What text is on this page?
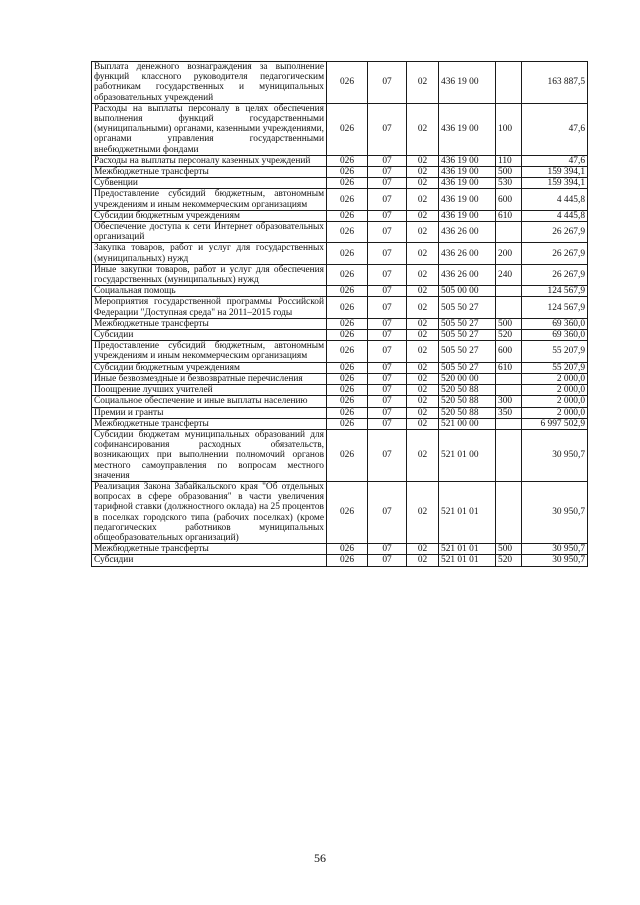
Выплата денежного вознаграждения за выполнение функций классного руководителя педагогическим работникам государственных и муниципальных образовательных учреждений	026	07	02	436 19 00		163 887,5
Расходы на выплаты персоналу в целях обеспечения выполнения функций государственными (муниципальными) органами, казенными учреждениями, органами управления государственными внебюджетными фондами	026	07	02	436 19 00	100	47,6
Расходы на выплаты персоналу казенных учреждений	026	07	02	436 19 00	110	47,6
Межбюджетные трансферты	026	07	02	436 19 00	500	159 394,1
Субвенции	026	07	02	436 19 00	530	159 394,1
Предоставление субсидий бюджетным, автономным учреждениям и иным некоммерческим организациям	026	07	02	436 19 00	600	4 445,8
Субсидии бюджетным учреждениям	026	07	02	436 19 00	610	4 445,8
Обеспечение доступа к сети Интернет образовательных организаций	026	07	02	436 26 00		26 267,9
Закупка товаров, работ и услуг для государственных (муниципальных) нужд	026	07	02	436 26 00	200	26 267,9
Иные закупки товаров, работ и услуг для обеспечения государственных (муниципальных) нужд	026	07	02	436 26 00	240	26 267,9
Социальная помощь	026	07	02	505 00 00		124 567,9
Мероприятия государственной программы Российской Федерации "Доступная среда" на 2011–2015 годы	026	07	02	505 50 27		124 567,9
Межбюджетные трансферты	026	07	02	505 50 27	500	69 360,0
Субсидии	026	07	02	505 50 27	520	69 360,0
Предоставление субсидий бюджетным, автономным учреждениям и иным некоммерческим организациям	026	07	02	505 50 27	600	55 207,9
Субсидии бюджетным учреждениям	026	07	02	505 50 27	610	55 207,9
Иные безвозмездные и безвозвратные перечисления	026	07	02	520 00 00		2 000,0
Поощрение лучших учителей	026	07	02	520 50 88		2 000,0
Социальное обеспечение и иные выплаты населению	026	07	02	520 50 88	300	2 000,0
Премии и гранты	026	07	02	520 50 88	350	2 000,0
Межбюджетные трансферты	026	07	02	521 00 00		6 997 502,9
Субсидии бюджетам муниципальных образований для софинансирования расходных обязательств, возникающих при выполнении полномочий органов местного самоуправления по вопросам местного значения	026	07	02	521 01 00		30 950,7
Реализация Закона Забайкальского края "Об отдельных вопросах в сфере образования" в части увеличения тарифной ставки (должностного оклада) на 25 процентов в поселках городского типа (рабочих поселках) (кроме педагогических работников муниципальных общеобразовательных организаций)	026	07	02	521 01 01		30 950,7
Межбюджетные трансферты	026	07	02	521 01 01	500	30 950,7
Субсидии	026	07	02	521 01 01	520	30 950,7
56
